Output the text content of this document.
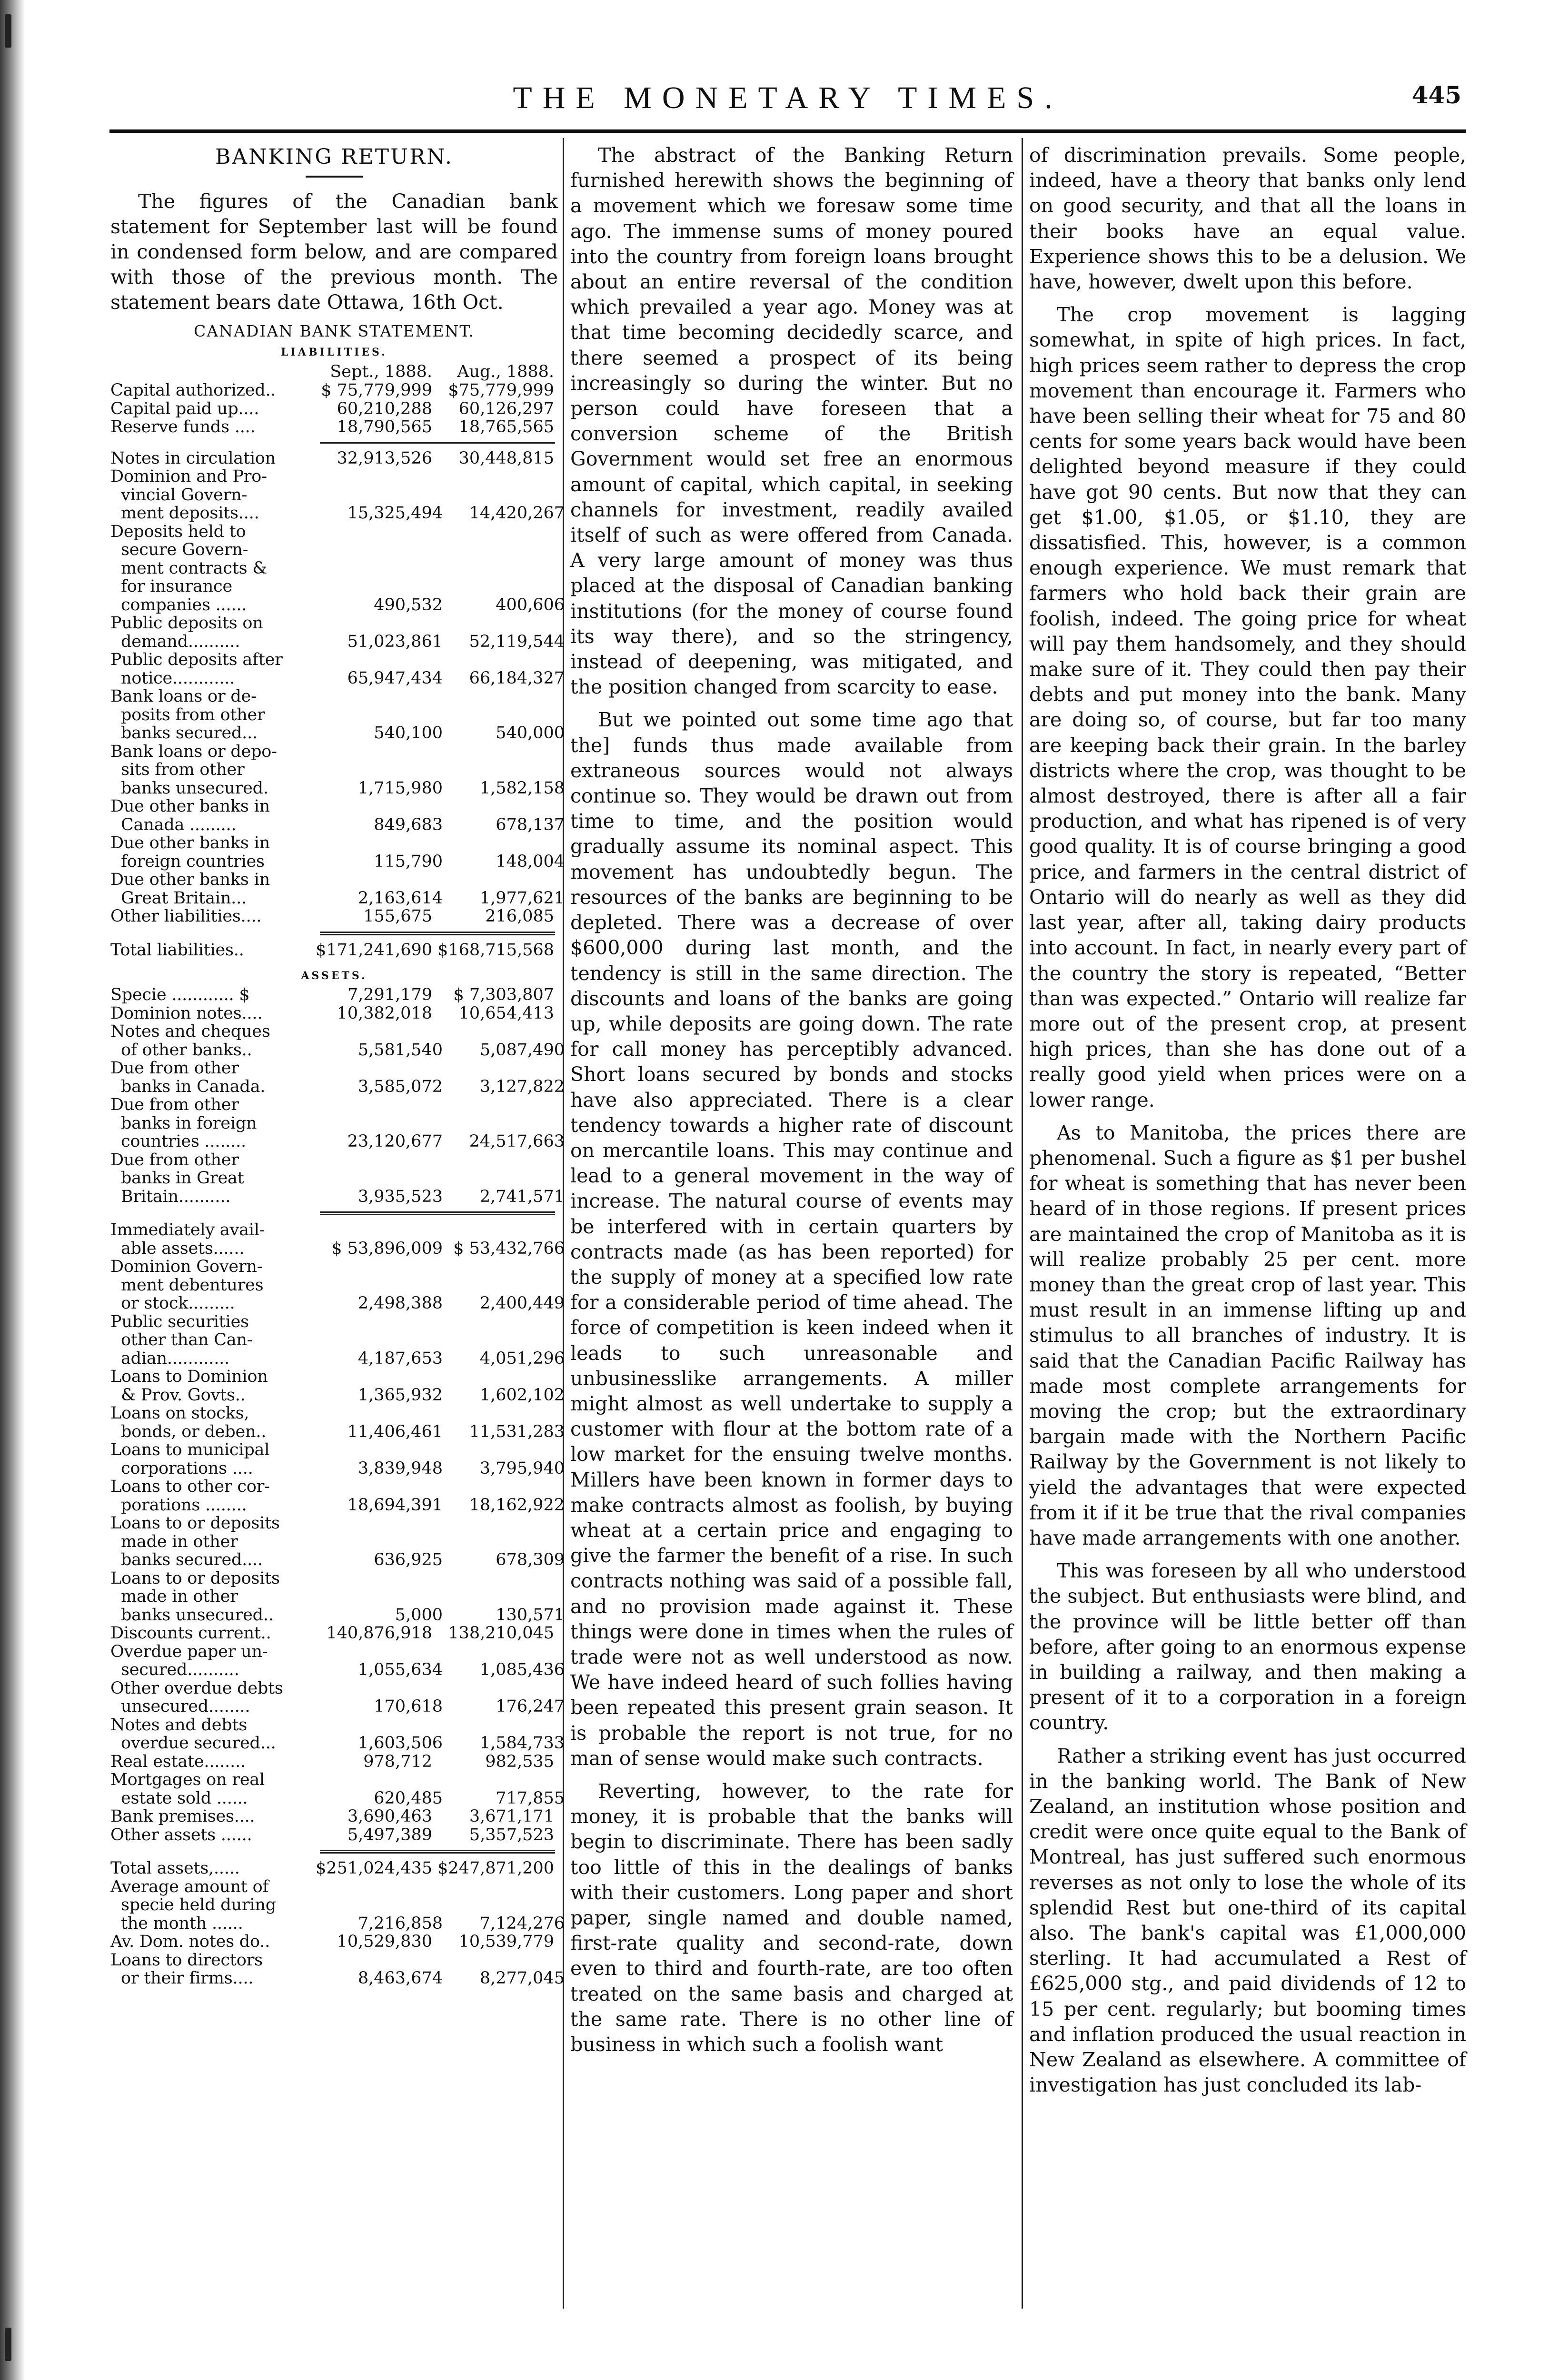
THE MONETARY TIMES.	445
BANKING RETURN.

The figures of the Canadian bank statement for September last will be found in condensed form below, and are compared with those of the previous month. The statement bears date Ottawa, 16th Oct.

CANADIAN BANK STATEMENT.
LIABILITIES.
Sept., 1888.	Aug., 1888.
Capital authorized..	$ 75,779,999 $75,779,999
Capital paid up....	60,210,288	60,126,297
Reserve funds ....	18,790,565	18,765,565
Notes in circulation	32,913,526	30,448,815
Dominion and Pro-
vincial Govern-
ment deposits....	15,325,494	14,420,267
Deposits held to
secure Govern-
ment contracts &
for insurance
companies ......	490,532	400,606
Public deposits on
demand..........	51,023,861	52,119,544
Public deposits after
notice............	65,947,434	66,184,327
Bank loans or de-
posits from other
banks secured...	540,100	540,000
Bank loans or depo-
sits from other
banks unsecured.	1,715,980	1,582,158
Due other banks in
Canada .........	849,683	678,137
Due other banks in
foreign countries	115,790	148,004
Due other banks in
Great Britain...	2,163,614	1,977,621
Other liabilities....	155,675	216,085
Total liabilities..	$171,241,690 $168,715,568
ASSETS.
Specie ............ $	7,291,179	$ 7,303,807
Dominion notes....	10,382,018	10,654,413
Notes and cheques
of other banks..	5,581,540	5,087,490
Due from other
banks in Canada.	3,585,072	3,127,822
Due from other
banks in foreign
countries ........	23,120,677	24,517,663
Due from other
banks in Great
Britain..........	3,935,523	2,741,571
Immediately avail-
able assets......	$ 53,896,009 $ 53,432,766
Dominion Govern-
ment debentures
or stock.........	2,498,388	2,400,449
Public securities
other than Can-
adian............	4,187,653	4,051,296
Loans to Dominion
& Prov. Govts..	1,365,932	1,602,102
Loans on stocks,
bonds, or deben..	11,406,461	11,531,283
Loans to municipal
corporations ....	3,839,948	3,795,940
Loans to other cor-
porations ........	18,694,391	18,162,922
Loans to or deposits
made in other
banks secured....	636,925	678,309
Loans to or deposits
made in other
banks unsecured..	5,000	130,571
Discounts current..	140,876,918 138,210,045
Overdue paper un-
secured..........	1,055,634	1,085,436
Other overdue debts
unsecured........	170,618	176,247
Notes and debts
overdue secured...	1,603,506	1,584,733
Real estate........	978,712	982,535
Mortgages on real
estate sold ......	620,485	717,855
Bank premises....	3,690,463	3,671,171
Other assets ......	5,497,389	5,357,523
Total assets,.....	$251,024,435 $247,871,200
Average amount of
specie held during
the month ......	7,216,858	7,124,276
Av. Dom. notes do..	10,529,830	10,539,779
Loans to directors
or their firms....	8,463,674	8,277,045

The abstract of the Banking Return furnished herewith shows the beginning of a movement which we foresaw some time ago. The immense sums of money poured into the country from foreign loans brought about an entire reversal of the condition which prevailed a year ago. Money was at that time becoming decidedly scarce, and there seemed a prospect of its being increasingly so during the winter. But no person could have foreseen that a conversion scheme of the British Government would set free an enormous amount of capital, which capital, in seeking channels for investment, readily availed itself of such as were offered from Canada. A very large amount of money was thus placed at the disposal of Canadian banking institutions (for the money of course found its way there), and so the stringency, instead of deepening, was mitigated, and the position changed from scarcity to ease.

But we pointed out some time ago that the] funds thus made available from extraneous sources would not always continue so. They would be drawn out from time to time, and the position would gradually assume its nominal aspect. This movement has undoubtedly begun. The resources of the banks are beginning to be depleted. There was a decrease of over $600,000 during last month, and the tendency is still in the same direction. The discounts and loans of the banks are going up, while deposits are going down. The rate for call money has perceptibly advanced. Short loans secured by bonds and stocks have also appreciated. There is a clear tendency towards a higher rate of discount on mercantile loans. This may continue and lead to a general movement in the way of increase. The natural course of events may be interfered with in certain quarters by contracts made (as has been reported) for the supply of money at a specified low rate for a considerable period of time ahead. The force of competition is keen indeed when it leads to such unreasonable and unbusinesslike arrangements. A miller might almost as well undertake to supply a customer with flour at the bottom rate of a low market for the ensuing twelve months. Millers have been known in former days to make contracts almost as foolish, by buying wheat at a certain price and engaging to give the farmer the benefit of a rise. In such contracts nothing was said of a possible fall, and no provision made against it. These things were done in times when the rules of trade were not as well understood as now. We have indeed heard of such follies having been repeated this present grain season. It is probable the report is not true, for no man of sense would make such contracts.

Reverting, however, to the rate for money, it is probable that the banks will begin to discriminate. There has been sadly too little of this in the dealings of banks with their customers. Long paper and short paper, single named and double named, first-rate quality and second-rate, down even to third and fourth-rate, are too often treated on the same basis and charged at the same rate. There is no other line of business in which such a foolish want

of discrimination prevails. Some people, indeed, have a theory that banks only lend on good security, and that all the loans in their books have an equal value. Experience shows this to be a delusion. We have, however, dwelt upon this before.

The crop movement is lagging somewhat, in spite of high prices. In fact, high prices seem rather to depress the crop movement than encourage it. Farmers who have been selling their wheat for 75 and 80 cents for some years back would have been delighted beyond measure if they could have got 90 cents. But now that they can get $1.00, $1.05, or $1.10, they are dissatisfied. This, however, is a common enough experience. We must remark that farmers who hold back their grain are foolish, indeed. The going price for wheat will pay them handsomely, and they should make sure of it. They could then pay their debts and put money into the bank. Many are doing so, of course, but far too many are keeping back their grain. In the barley districts where the crop, was thought to be almost destroyed, there is after all a fair production, and what has ripened is of very good quality. It is of course bringing a good price, and farmers in the central district of Ontario will do nearly as well as they did last year, after all, taking dairy products into account. In fact, in nearly every part of the country the story is repeated, “Better than was expected.” Ontario will realize far more out of the present crop, at present high prices, than she has done out of a really good yield when prices were on a lower range.

As to Manitoba, the prices there are phenomenal. Such a figure as $1 per bushel for wheat is something that has never been heard of in those regions. If present prices are maintained the crop of Manitoba as it is will realize probably 25 per cent. more money than the great crop of last year. This must result in an immense lifting up and stimulus to all branches of industry. It is said that the Canadian Pacific Railway has made most complete arrangements for moving the crop; but the extraordinary bargain made with the Northern Pacific Railway by the Government is not likely to yield the advantages that were expected from it if it be true that the rival companies have made arrangements with one another.

This was foreseen by all who understood the subject. But enthusiasts were blind, and the province will be little better off than before, after going to an enormous expense in building a railway, and then making a present of it to a corporation in a foreign country.

Rather a striking event has just occurred in the banking world. The Bank of New Zealand, an institution whose position and credit were once quite equal to the Bank of Montreal, has just suffered such enormous reverses as not only to lose the whole of its splendid Rest but one-third of its capital also. The bank's capital was £1,000,000 sterling. It had accumulated a Rest of £625,000 stg., and paid dividends of 12 to 15 per cent. regularly; but booming times and inflation produced the usual reaction in New Zealand as elsewhere. A committee of investigation has just concluded its lab-
